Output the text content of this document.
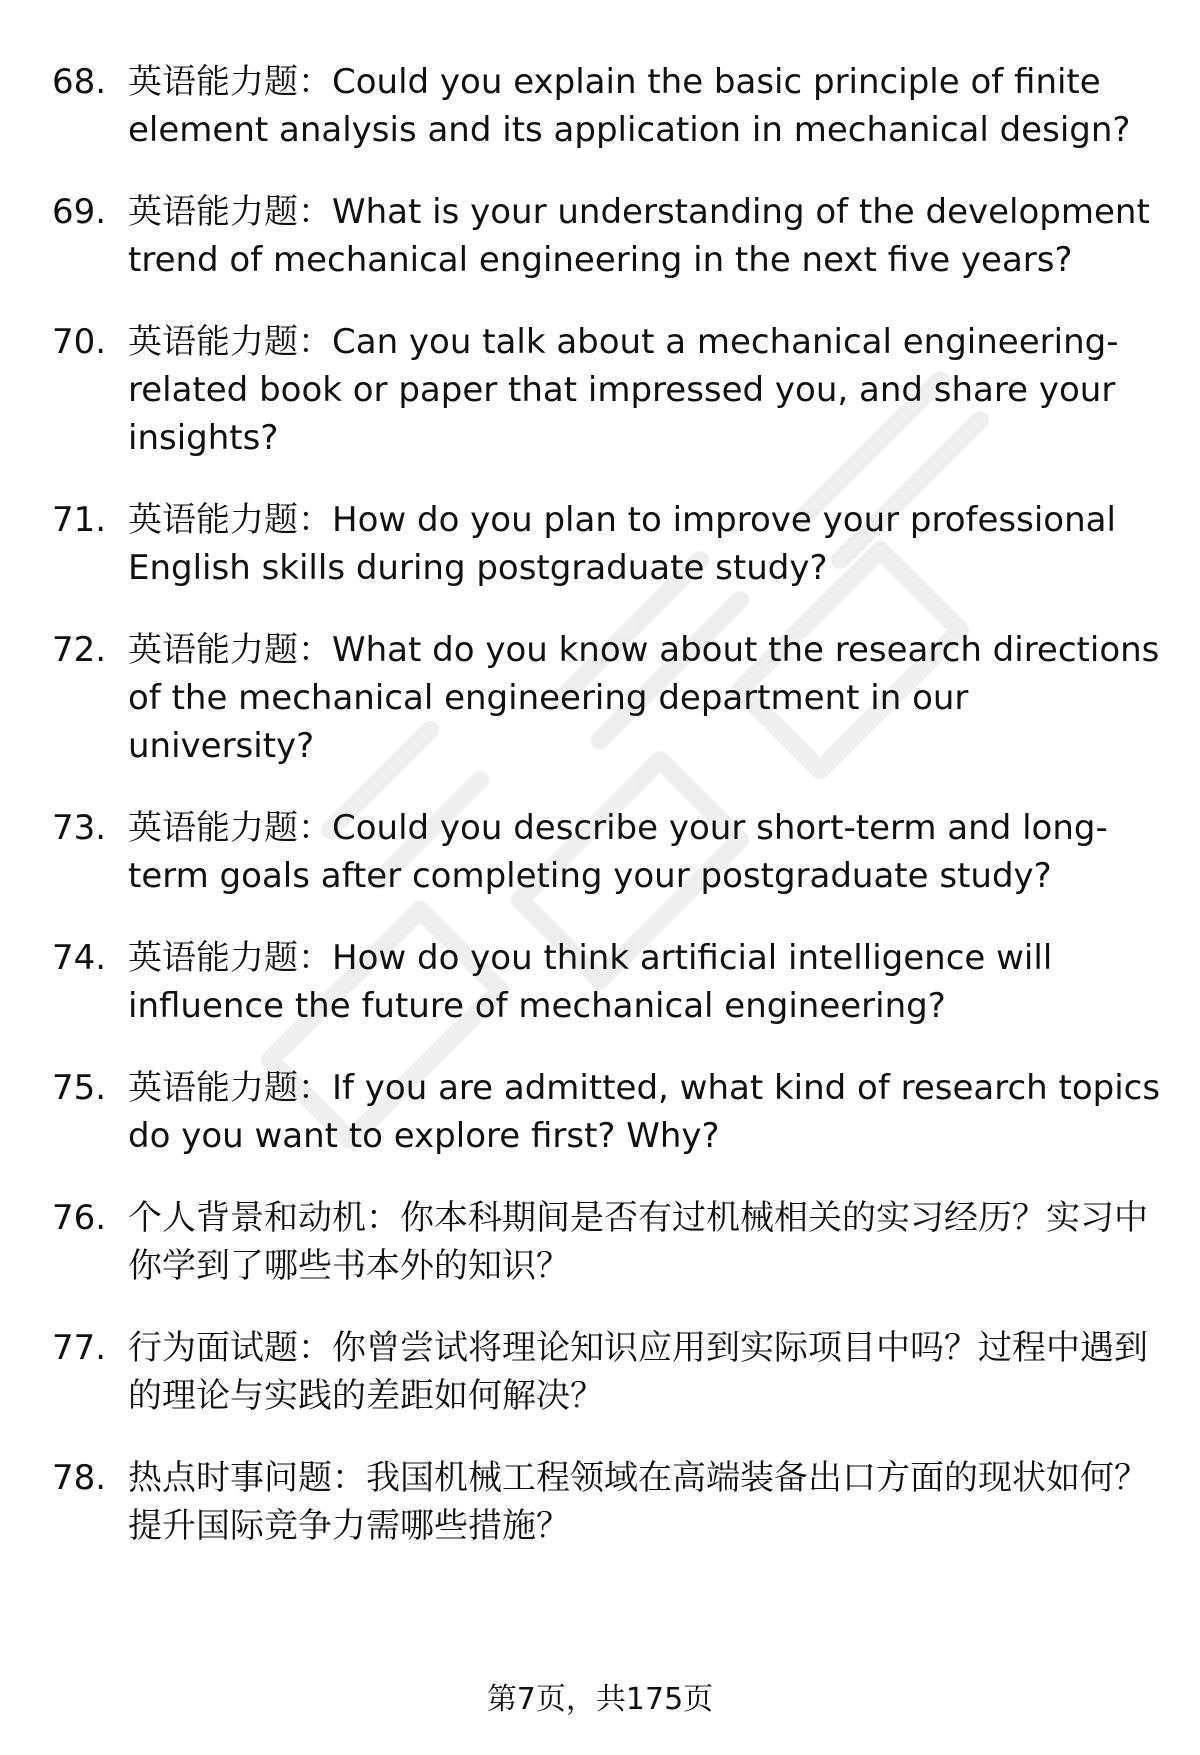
68. 英语能力题：Could you explain the basic principle of finite element analysis and its application in mechanical design?
69. 英语能力题：What is your understanding of the development trend of mechanical engineering in the next five years?
70. 英语能力题：Can you talk about a mechanical engineering-related book or paper that impressed you, and share your insights?
71. 英语能力题：How do you plan to improve your professional English skills during postgraduate study?
72. 英语能力题：What do you know about the research directions of the mechanical engineering department in our university?
73. 英语能力题：Could you describe your short-term and long-term goals after completing your postgraduate study?
74. 英语能力题：How do you think artificial intelligence will influence the future of mechanical engineering?
75. 英语能力题：If you are admitted, what kind of research topics do you want to explore first? Why?
76. 个人背景和动机：你本科期间是否有过机械相关的实习经历？实习中你学到了哪些书本外的知识？
77. 行为面试题：你曾尝试将理论知识应用到实际项目中吗？过程中遇到的理论与实践的差距如何解决？
78. 热点时事问题：我国机械工程领域在高端装备出口方面的现状如何？提升国际竞争力需哪些措施？
第7页，共175页
